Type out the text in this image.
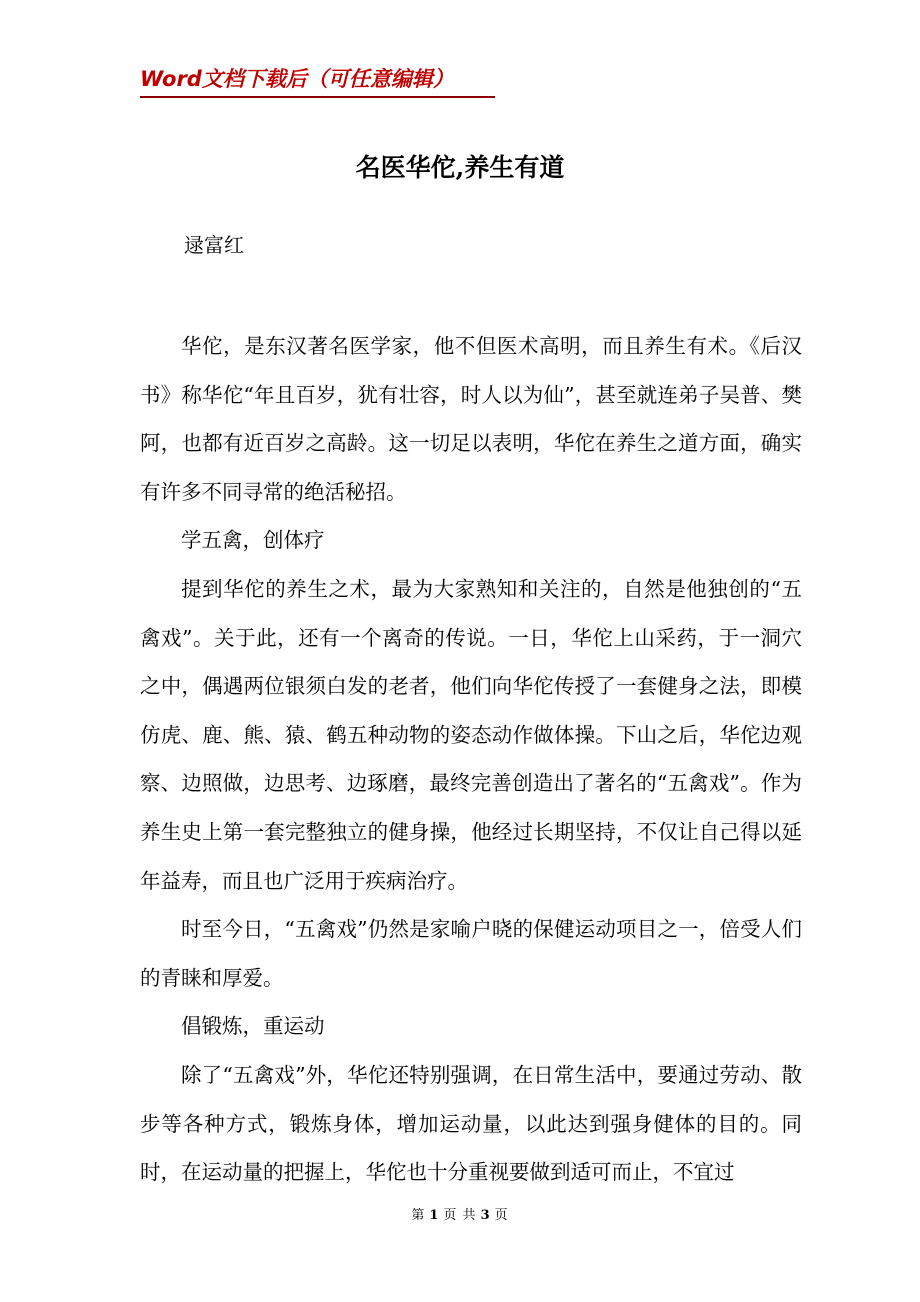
Word文档下载后（可任意编辑）
名医华佗,养生有道
逯富红

华佗，是东汉著名医学家，他不但医术高明，而且养生有术。《后汉书》称华佗“年且百岁，犹有壮容，时人以为仙”，甚至就连弟子吴普、樊阿，也都有近百岁之高龄。这一切足以表明，华佗在养生之道方面，确实有许多不同寻常的绝活秘招。

学五禽，创体疗

提到华佗的养生之术，最为大家熟知和关注的，自然是他独创的“五禽戏”。关于此，还有一个离奇的传说。一日，华佗上山采药，于一洞穴之中，偶遇两位银须白发的老者，他们向华佗传授了一套健身之法，即模仿虎、鹿、熊、猿、鹤五种动物的姿态动作做体操。下山之后，华佗边观察、边照做，边思考、边琢磨，最终完善创造出了著名的“五禽戏”。作为养生史上第一套完整独立的健身操，他经过长期坚持，不仅让自己得以延年益寿，而且也广泛用于疾病治疗。

时至今日，“五禽戏”仍然是家喻户晓的保健运动项目之一，倍受人们的青睐和厚爱。

倡锻炼，重运动

除了“五禽戏”外，华佗还特别强调，在日常生活中，要通过劳动、散步等各种方式，锻炼身体，增加运动量，以此达到强身健体的目的。同时，在运动量的把握上，华佗也十分重视要做到适可而止，不宜过

第 1 页 共 3 页
